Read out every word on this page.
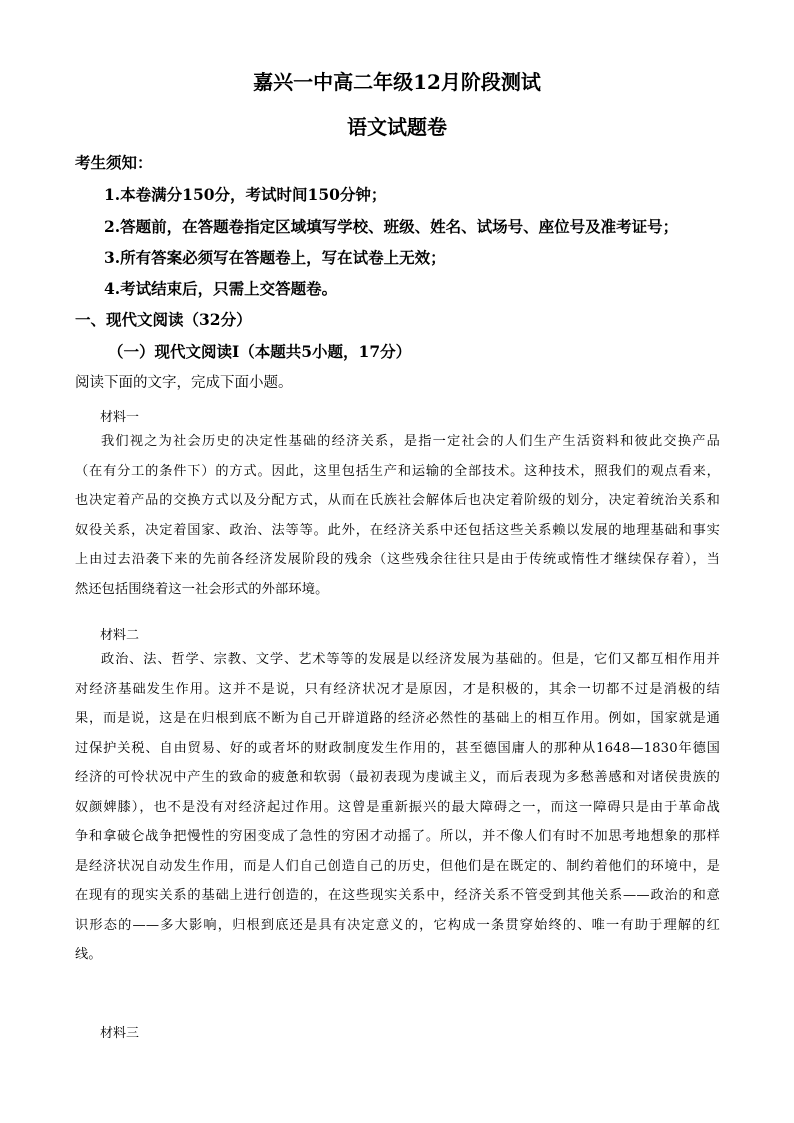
嘉兴一中高二年级12月阶段测试
语文试题卷
考生须知：
1.本卷满分150分，考试时间150分钟；
2.答题前，在答题卷指定区域填写学校、班级、姓名、试场号、座位号及准考证号；
3.所有答案必须写在答题卷上，写在试卷上无效；
4.考试结束后，只需上交答题卷。
一、现代文阅读（32分）
（一）现代文阅读Ⅰ（本题共5小题，17分）
阅读下面的文字，完成下面小题。
材料一
我们视之为社会历史的决定性基础的经济关系，是指一定社会的人们生产生活资料和彼此交换产品
（在有分工的条件下）的方式。因此，这里包括生产和运输的全部技术。这种技术，照我们的观点看来，
也决定着产品的交换方式以及分配方式，从而在氏族社会解体后也决定着阶级的划分，决定着统治关系和
奴役关系，决定着国家、政治、法等等。此外，在经济关系中还包括这些关系赖以发展的地理基础和事实
上由过去沿袭下来的先前各经济发展阶段的残余（这些残余往往只是由于传统或惰性才继续保存着），当
然还包括围绕着这一社会形式的外部环境。
材料二
政治、法、哲学、宗教、文学、艺术等等的发展是以经济发展为基础的。但是，它们又都互相作用并
对经济基础发生作用。这并不是说，只有经济状况才是原因，才是积极的，其余一切都不过是消极的结
果，而是说，这是在归根到底不断为自己开辟道路的经济必然性的基础上的相互作用。例如，国家就是通
过保护关税、自由贸易、好的或者坏的财政制度发生作用的，甚至德国庸人的那种从1648—1830年德国
经济的可怜状况中产生的致命的疲惫和软弱（最初表现为虔诚主义，而后表现为多愁善感和对诸侯贵族的
奴颜婢膝），也不是没有对经济起过作用。这曾是重新振兴的最大障碍之一，而这一障碍只是由于革命战
争和拿破仑战争把慢性的穷困变成了急性的穷困才动摇了。所以，并不像人们有时不加思考地想象的那样
是经济状况自动发生作用，而是人们自己创造自己的历史，但他们是在既定的、制约着他们的环境中，是
在现有的现实关系的基础上进行创造的，在这些现实关系中，经济关系不管受到其他关系——政治的和意
识形态的——多大影响，归根到底还是具有决定意义的，它构成一条贯穿始终的、唯一有助于理解的红
线。
材料三
